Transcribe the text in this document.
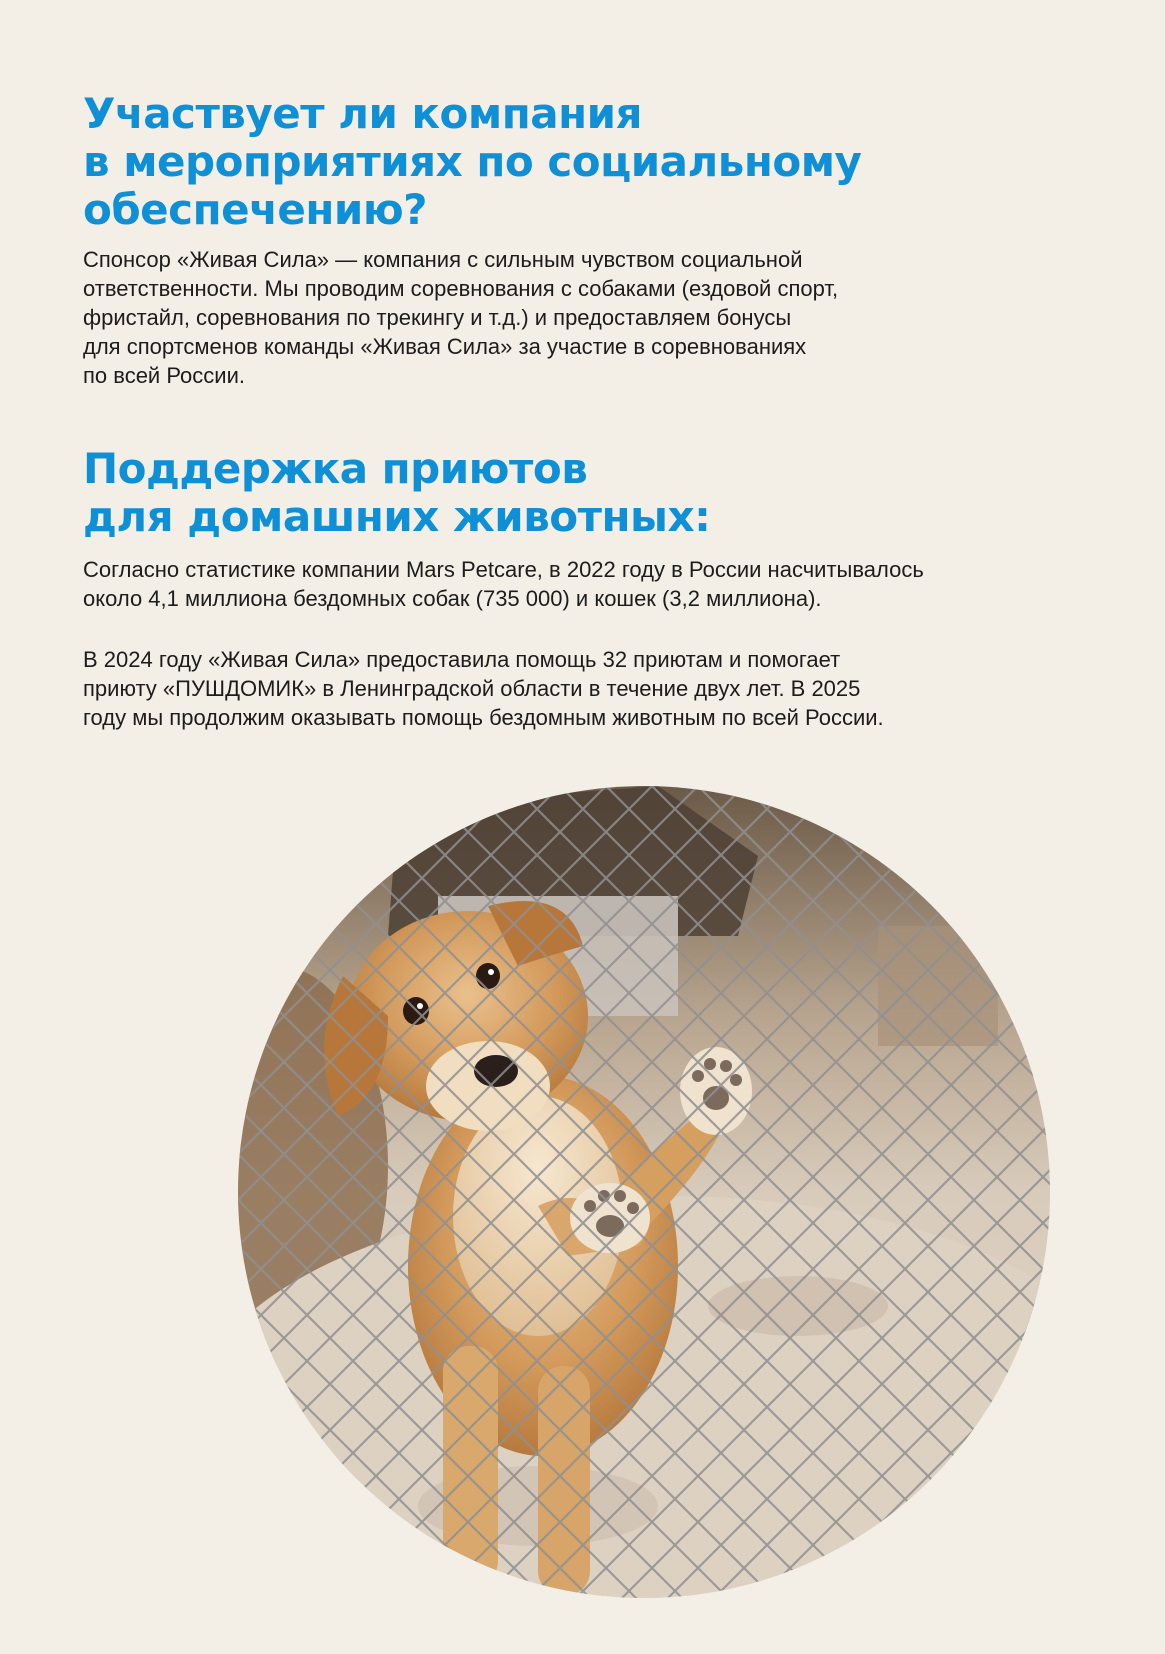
Участвует ли компания
в мероприятиях по социальному
обеспечению?

Спонсор «Живая Сила» — компания с сильным чувством социальной
ответственности. Мы проводим соревнования с собаками (ездовой спорт,
фристайл, соревнования по трекингу и т.д.) и предоставляем бонусы
для спортсменов команды «Живая Сила» за участие в соревнованиях
по всей России.

Поддержка приютов
для домашних животных:

Согласно статистике компании Mars Petcare, в 2022 году в России насчитывалось
около 4,1 миллиона бездомных собак (735 000) и кошек (3,2 миллиона).

В 2024 году «Живая Сила» предоставила помощь 32 приютам и помогает
приюту «ПУШДОМИК» в Ленинградской области в течение двух лет. В 2025
году мы продолжим оказывать помощь бездомным животным по всей России.
